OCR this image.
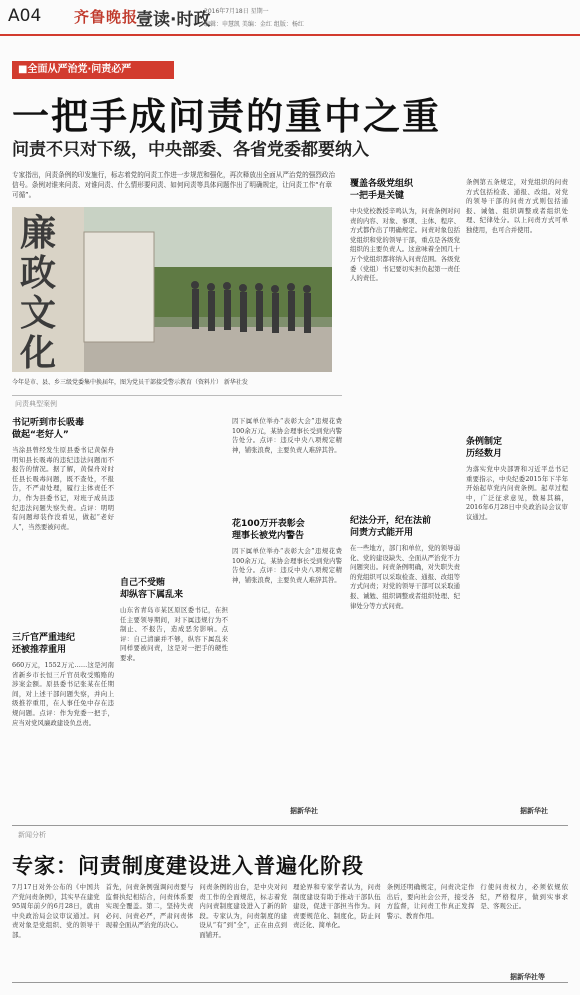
A04 齐鲁晚报
壹读·时政
2016年7月18日 星期一
编辑：申慧凯 美编：金红 组版：杨红
■全面从严治党·问责必严
一把手成问责的重中之重
问责不只对下级，中央部委、各省党委都要纳入
专家指出，问责条例的印发施行，标志着党的问责工作进一步规范和强化，再次释放出全面从严治党的强烈政治信号。条例对谁来问责、对谁问责、什么情形要问责、如何问责等具体问题作出了明确规定，让问责工作“有章可循”。
廉政文化
今年是市、县、乡三级党委集中换届年，图为党员干部接受警示教育（资料片） 新华社发
问责典型案例
书记听到市长吸毒
做起“老好人”
当涂县曾经发生原县委书记黄保舟明知县长吸毒的违纪违法问题而不报告的情况。据了解，黄保舟对时任县长吸毒问题，既不查处，不报告，不严肃处理，履行主体责任不力，作为县委书记，对班子成员违纪违法问题失察失责。点评：明明有问题却装作没看见，做起“老好人”，当然要被问责。
三斤官严重违纪
还被推荐重用
660万元，1552万元……这是河南省新乡市长恒三斤官员收受贿赂的涉案金额。原县委书记张某在任期间，对上述干部问题失察，并向上级推荐重用，在人事任免中存在违规问题。点评：作为党委一把手，应当对党风廉政建设负总责。
自己不受贿
却纵容下属乱来
山东省青岛市某区原区委书记，在担任主要领导期间，对下属违规行为不制止、不报告，造成恶劣影响。点评：自己清廉并不够，纵容下属乱来同样要被问责，这是对一把手的硬性要求。
因下属单位举办“表彰大会”违规花费100余万元，某协会理事长受到党内警告处分。点评：违反中央八项规定精神，铺张浪费，主要负责人难辞其咎。
花100万开表彰会
理事长被党内警告
因下属单位举办“表彰大会”违规花费100余万元，某协会理事长受到党内警告处分。点评：违反中央八项规定精神，铺张浪费，主要负责人难辞其咎。
据新华社
覆盖各级党组织
一把手是关键
中央党校教授辛鸣认为，问责条例对问责的内容、对象、事项、主体、程序、方式都作出了明确规定。问责对象包括党组织和党的领导干部，重点是各级党组织的主要负责人。这意味着全国几十万个党组织都将纳入问责范围。各级党委（党组）书记要切实担负起第一责任人的责任。
纪法分开，纪在法前
问责方式能开用
在一些地方，部门和单位，党的领导弱化、党的建设缺失、全面从严治党不力问题突出。问责条例明确，对失职失责的党组织可以采取检查、通报、改组等方式问责；对党的领导干部可以采取通报、诫勉、组织调整或者组织处理、纪律处分等方式问责。
条例第五条规定，对党组织的问责方式包括检查、通报、改组。对党的领导干部的问责方式则包括通报、诫勉、组织调整或者组织处理、纪律处分。以上问责方式可单独使用，也可合并使用。
条例制定
历经数月
为落实党中央部署和习近平总书记重要指示，中央纪委2015年下半年开始起草党内问责条例。起草过程中，广泛征求意见，数易其稿，2016年6月28日中央政治局会议审议通过。
据新华社
新闻分析
专家：问责制度建设进入普遍化阶段
7月17日对外公布的《中国共产党问责条例》，其实早在建党95周年前夕的6月28日，就由中央政治局会议审议通过。问责对象是党组织、党的领导干部。
首先，问责条例强调问责要与监督执纪相结合，问责体系要实现全覆盖。第二，坚持失责必问、问责必严，严肃问责体现着全面从严治党的决心。
问责条例的出台，是中央对问责工作的全面规范，标志着党内问责制度建设进入了新的阶段。专家认为，问责制度的建设从“有”到“全”，正在由点到面铺开。
理论界和专家学者认为，问责制度建设有助于推动干部队伍建设，促进干部担当作为。问责要规范化、制度化，防止问责泛化、简单化。
条例还明确规定，问责决定作出后，要向社会公开，接受各方监督，让问责工作真正发挥警示、教育作用。
行使问责权力，必须依规依纪，严格程序，做到实事求是、客观公正。
据新华社等
